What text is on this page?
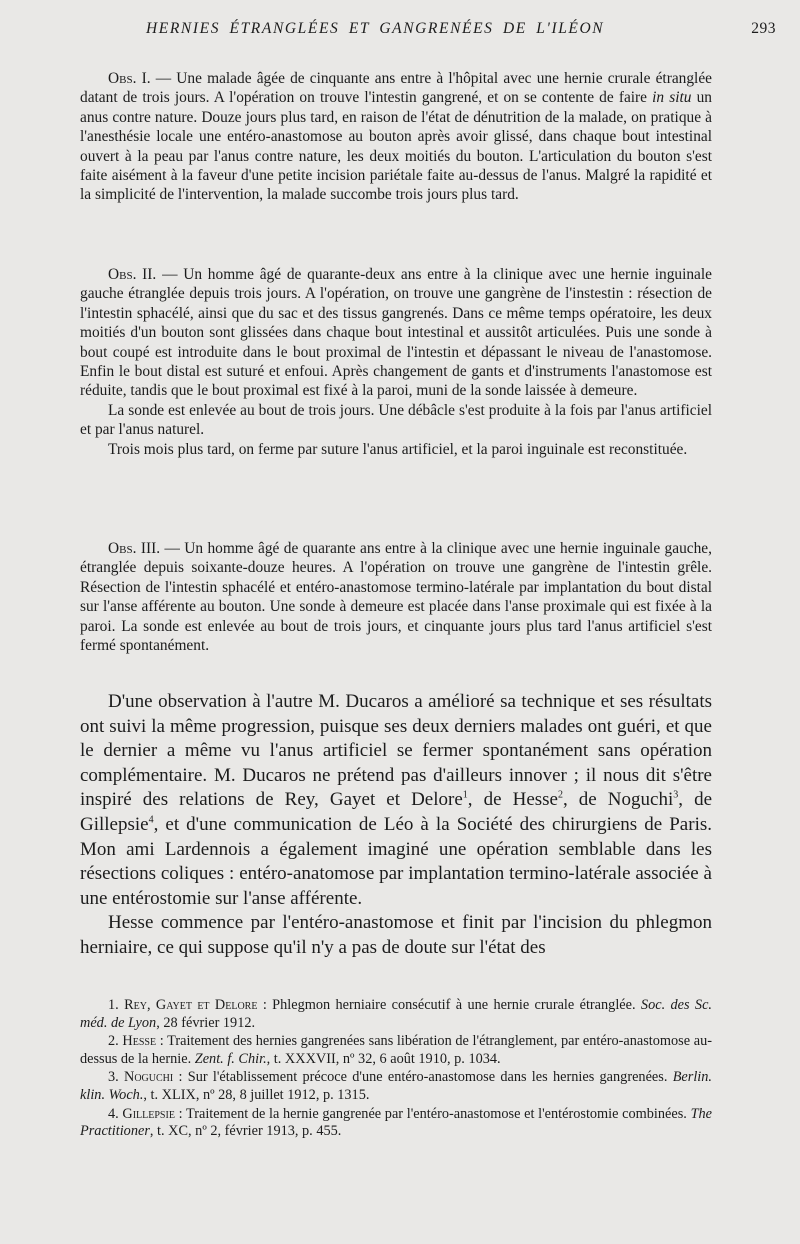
HERNIES ÉTRANGLÉES ET GANGRENÉES DE L'ILÉON	293

Obs. I. — Une malade âgée de cinquante ans entre à l'hôpital avec une hernie crurale étranglée datant de trois jours. A l'opération on trouve l'intestin gangrené, et on se contente de faire in situ un anus contre nature. Douze jours plus tard, en raison de l'état de dénutrition de la malade, on pratique à l'anesthésie locale une entéro-anastomose au bouton après avoir glissé, dans chaque bout intestinal ouvert à la peau par l'anus contre nature, les deux moitiés du bouton. L'articulation du bouton s'est faite aisément à la faveur d'une petite incision pariétale faite au-dessus de l'anus. Malgré la rapidité et la simplicité de l'intervention, la malade succombe trois jours plus tard.

Obs. II. — Un homme âgé de quarante-deux ans entre à la clinique avec une hernie inguinale gauche étranglée depuis trois jours. A l'opération, on trouve une gangrène de l'instestin : résection de l'intestin sphacélé, ainsi que du sac et des tissus gangrenés. Dans ce même temps opératoire, les deux moitiés d'un bouton sont glissées dans chaque bout intestinal et aussitôt articulées. Puis une sonde à bout coupé est introduite dans le bout proximal de l'intestin et dépassant le niveau de l'anastomose. Enfin le bout distal est suturé et enfoui. Après changement de gants et d'instruments l'anastomose est réduite, tandis que le bout proximal est fixé à la paroi, muni de la sonde laissée à demeure.

La sonde est enlevée au bout de trois jours. Une débâcle s'est produite à la fois par l'anus artificiel et par l'anus naturel.

Trois mois plus tard, on ferme par suture l'anus artificiel, et la paroi inguinale est reconstituée.

Obs. III. — Un homme âgé de quarante ans entre à la clinique avec une hernie inguinale gauche, étranglée depuis soixante-douze heures. A l'opération on trouve une gangrène de l'intestin grêle. Résection de l'intestin sphacélé et entéro-anastomose termino-latérale par implantation du bout distal sur l'anse afférente au bouton. Une sonde à demeure est placée dans l'anse proximale qui est fixée à la paroi. La sonde est enlevée au bout de trois jours, et cinquante jours plus tard l'anus artificiel s'est fermé spontanément.

D'une observation à l'autre M. Ducaros a amélioré sa technique et ses résultats ont suivi la même progression, puisque ses deux derniers malades ont guéri, et que le dernier a même vu l'anus artificiel se fermer spontanément sans opération complémentaire. M. Ducaros ne prétend pas d'ailleurs innover ; il nous dit s'être inspiré des relations de Rey, Gayet et Delore$^1$, de Hesse$^2$, de Noguchi$^3$, de Gillepsie$^4$, et d'une communication de Léo à la Société des chirurgiens de Paris. Mon ami Lardennois a également imaginé une opération semblable dans les résections coliques : entéro-anatomose par implantation termino-latérale associée à une entérostomie sur l'anse afférente.

Hesse commence par l'entéro-anastomose et finit par l'incision du phlegmon herniaire, ce qui suppose qu'il n'y a pas de doute sur l'état des

1. Rey, Gayet et Delore : Phlegmon herniaire consécutif à une hernie crurale étranglée. Soc. des Sc. méd. de Lyon, 28 février 1912.

2. Hesse : Traitement des hernies gangrenées sans libération de l'étranglement, par entéro-anastomose au-dessus de la hernie. Zent. f. Chir., t. XXXVII, nº 32, 6 août 1910, p. 1034.

3. Noguchi : Sur l'établissement précoce d'une entéro-anastomose dans les hernies gangrenées. Berlin. klin. Woch., t. XLIX, nº 28, 8 juillet 1912, p. 1315.

4. Gillepsie : Traitement de la hernie gangrenée par l'entéro-anastomose et l'entérostomie combinées. The Practitioner, t. XC, nº 2, février 1913, p. 455.
